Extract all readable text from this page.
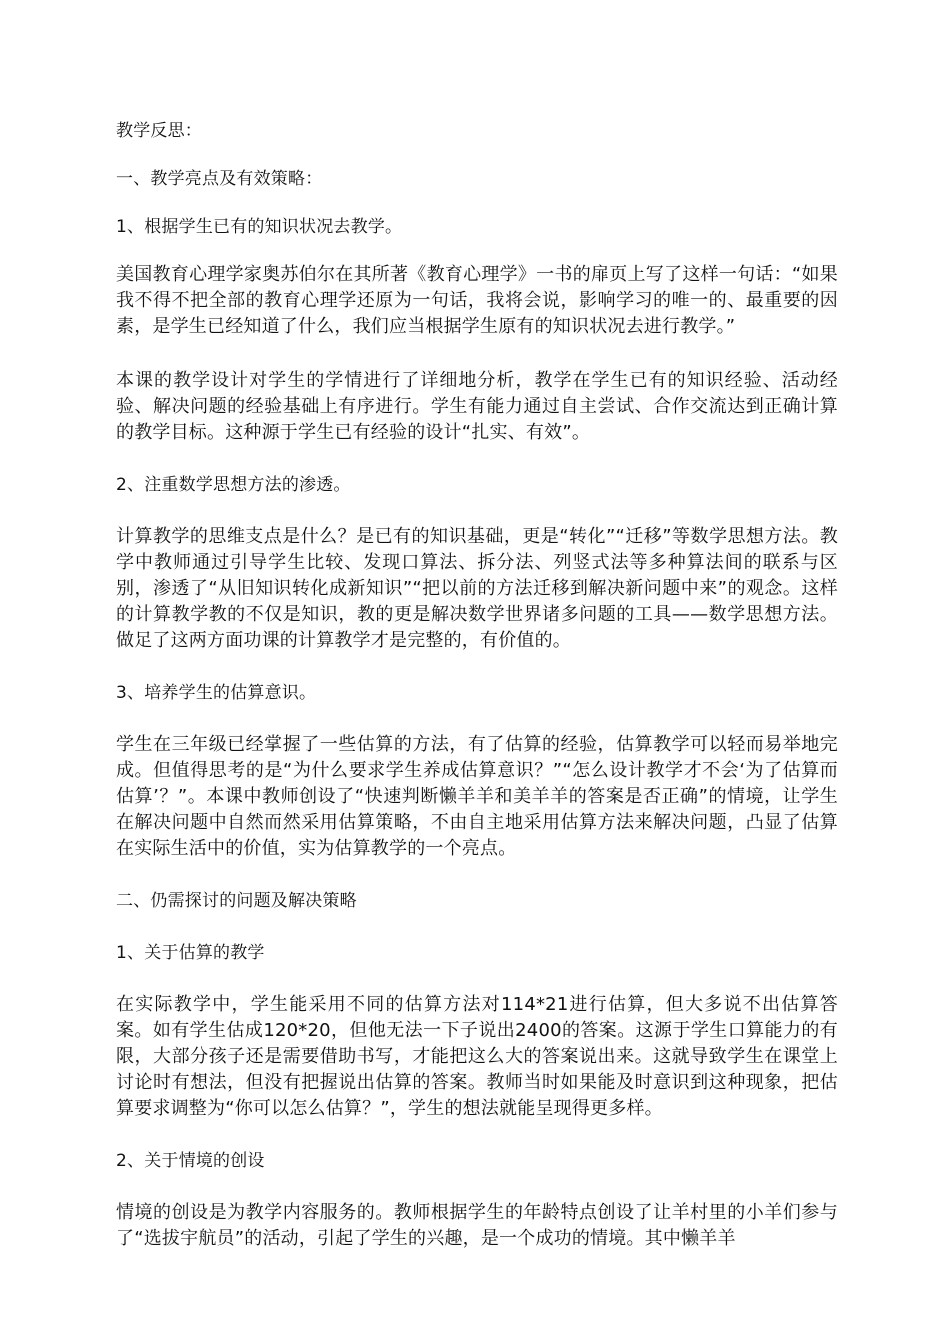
教学反思：

一、教学亮点及有效策略：

1、根据学生已有的知识状况去教学。

美国教育心理学家奥苏伯尔在其所著《教育心理学》一书的扉页上写了这样一句话：“如果我不得不把全部的教育心理学还原为一句话，我将会说，影响学习的唯一的、最重要的因素，是学生已经知道了什么，我们应当根据学生原有的知识状况去进行教学。”

本课的教学设计对学生的学情进行了详细地分析，教学在学生已有的知识经验、活动经验、解决问题的经验基础上有序进行。学生有能力通过自主尝试、合作交流达到正确计算的教学目标。这种源于学生已有经验的设计“扎实、有效”。

2、注重数学思想方法的渗透。

计算教学的思维支点是什么？是已有的知识基础，更是“转化”“迁移”等数学思想方法。教学中教师通过引导学生比较、发现口算法、拆分法、列竖式法等多种算法间的联系与区别，渗透了“从旧知识转化成新知识”“把以前的方法迁移到解决新问题中来”的观念。这样的计算教学教的不仅是知识，教的更是解决数学世界诸多问题的工具——数学思想方法。做足了这两方面功课的计算教学才是完整的，有价值的。

3、培养学生的估算意识。

学生在三年级已经掌握了一些估算的方法，有了估算的经验，估算教学可以轻而易举地完成。但值得思考的是“为什么要求学生养成估算意识？”“怎么设计教学才不会‘为了估算而估算’？”。本课中教师创设了“快速判断懒羊羊和美羊羊的答案是否正确”的情境，让学生在解决问题中自然而然采用估算策略，不由自主地采用估算方法来解决问题，凸显了估算在实际生活中的价值，实为估算教学的一个亮点。

二、仍需探讨的问题及解决策略

1、关于估算的教学

在实际教学中，学生能采用不同的估算方法对114*21进行估算，但大多说不出估算答案。如有学生估成120*20，但他无法一下子说出2400的答案。这源于学生口算能力的有限，大部分孩子还是需要借助书写，才能把这么大的答案说出来。这就导致学生在课堂上讨论时有想法，但没有把握说出估算的答案。教师当时如果能及时意识到这种现象，把估算要求调整为“你可以怎么估算？”，学生的想法就能呈现得更多样。

2、关于情境的创设

情境的创设是为教学内容服务的。教师根据学生的年龄特点创设了让羊村里的小羊们参与了“选拔宇航员”的活动，引起了学生的兴趣，是一个成功的情境。其中懒羊羊
